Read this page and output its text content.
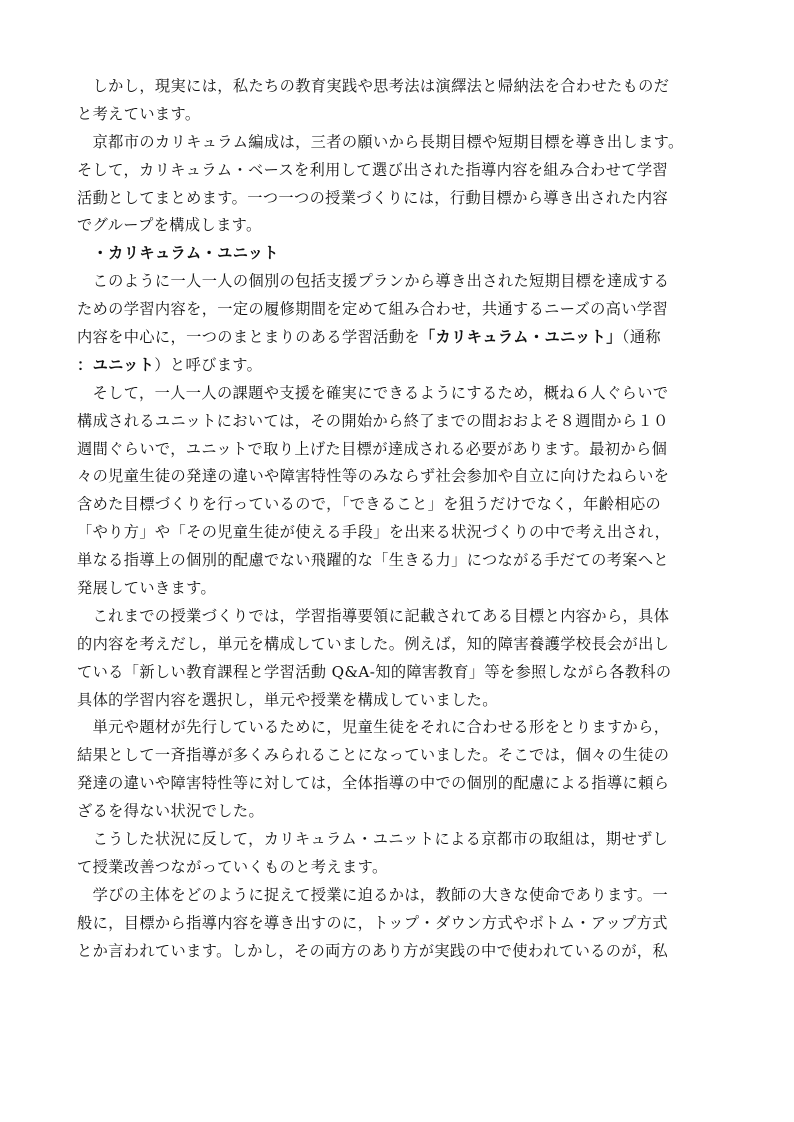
　しかし，現実には，私たちの教育実践や思考法は演繹法と帰納法を合わせたものだ
と考えています。
　京都市のカリキュラム編成は，三者の願いから長期目標や短期目標を導き出します。
そして，カリキュラム・ベースを利用して選び出された指導内容を組み合わせて学習
活動としてまとめます。一つ一つの授業づくりには，行動目標から導き出された内容
でグループを構成します。
　・カリキュラム・ユニット
　このように一人一人の個別の包括支援プランから導き出された短期目標を達成する
ための学習内容を，一定の履修期間を定めて組み合わせ，共通するニーズの高い学習
内容を中心に，一つのまとまりのある学習活動を「カリキュラム・ユニット」（通称
：ユニット）と呼びます。
　そして，一人一人の課題や支援を確実にできるようにするため，概ね６人ぐらいで
構成されるユニットにおいては，その開始から終了までの間おおよそ８週間から１０
週間ぐらいで，ユニットで取り上げた目標が達成される必要があります。最初から個
々の児童生徒の発達の違いや障害特性等のみならず社会参加や自立に向けたねらいを
含めた目標づくりを行っているので，「できること」を狙うだけでなく，年齢相応の
「やり方」や「その児童生徒が使える手段」を出来る状況づくりの中で考え出され，
単なる指導上の個別的配慮でない飛躍的な「生きる力」につながる手だての考案へと
発展していきます。
　これまでの授業づくりでは，学習指導要領に記載されてある目標と内容から，具体
的内容を考えだし，単元を構成していました。例えば，知的障害養護学校長会が出し
ている「新しい教育課程と学習活動 Q&A-知的障害教育」等を参照しながら各教科の
具体的学習内容を選択し，単元や授業を構成していました。
　単元や題材が先行しているために，児童生徒をそれに合わせる形をとりますから，
結果として一斉指導が多くみられることになっていました。そこでは，個々の生徒の
発達の違いや障害特性等に対しては，全体指導の中での個別的配慮による指導に頼ら
ざるを得ない状況でした。
　こうした状況に反して，カリキュラム・ユニットによる京都市の取組は，期せずし
て授業改善つながっていくものと考えます。
　学びの主体をどのように捉えて授業に迫るかは，教師の大きな使命であります。一
般に，目標から指導内容を導き出すのに，トップ・ダウン方式やボトム・アップ方式
とか言われています。しかし，その両方のあり方が実践の中で使われているのが，私
